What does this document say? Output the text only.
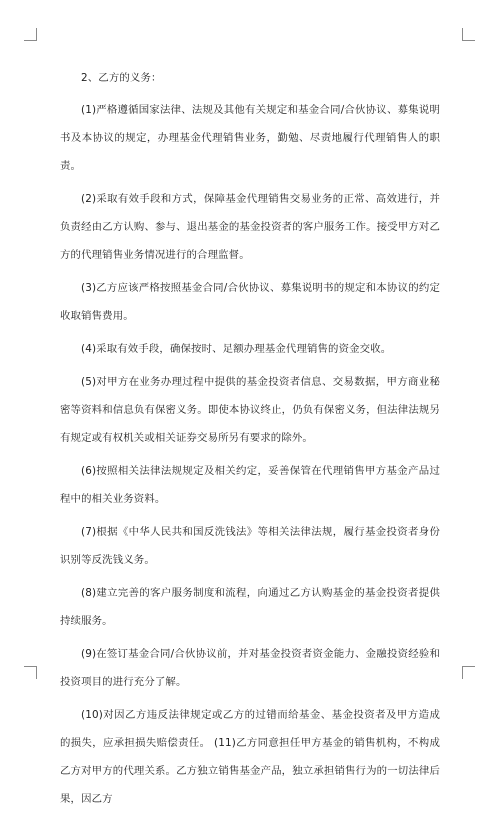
2、乙方的义务：

(1)严格遵循国家法律、法规及其他有关规定和基金合同/合伙协议、募集说明书及本协议的规定，办理基金代理销售业务，勤勉、尽责地履行代理销售人的职责。

(2)采取有效手段和方式，保障基金代理销售交易业务的正常、高效进行，并负责经由乙方认购、参与、退出基金的基金投资者的客户服务工作。接受甲方对乙方的代理销售业务情况进行的合理监督。

(3)乙方应该严格按照基金合同/合伙协议、募集说明书的规定和本协议的约定收取销售费用。

(4)采取有效手段，确保按时、足额办理基金代理销售的资金交收。

(5)对甲方在业务办理过程中提供的基金投资者信息、交易数据，甲方商业秘密等资料和信息负有保密义务。即使本协议终止，仍负有保密义务，但法律法规另有规定或有权机关或相关证券交易所另有要求的除外。

(6)按照相关法律法规规定及相关约定，妥善保管在代理销售甲方基金产品过程中的相关业务资料。

(7)根据《中华人民共和国反洗钱法》等相关法律法规，履行基金投资者身份识别等反洗钱义务。

(8)建立完善的客户服务制度和流程，向通过乙方认购基金的基金投资者提供持续服务。

(9)在签订基金合同/合伙协议前，并对基金投资者资金能力、金融投资经验和投资项目的进行充分了解。

(10)对因乙方违反法律规定或乙方的过错而给基金、基金投资者及甲方造成的损失，应承担损失赔偿责任。 (11)乙方同意担任甲方基金的销售机构，不构成乙方对甲方的代理关系。乙方独立销售基金产品，独立承担销售行为的一切法律后果，因乙方
